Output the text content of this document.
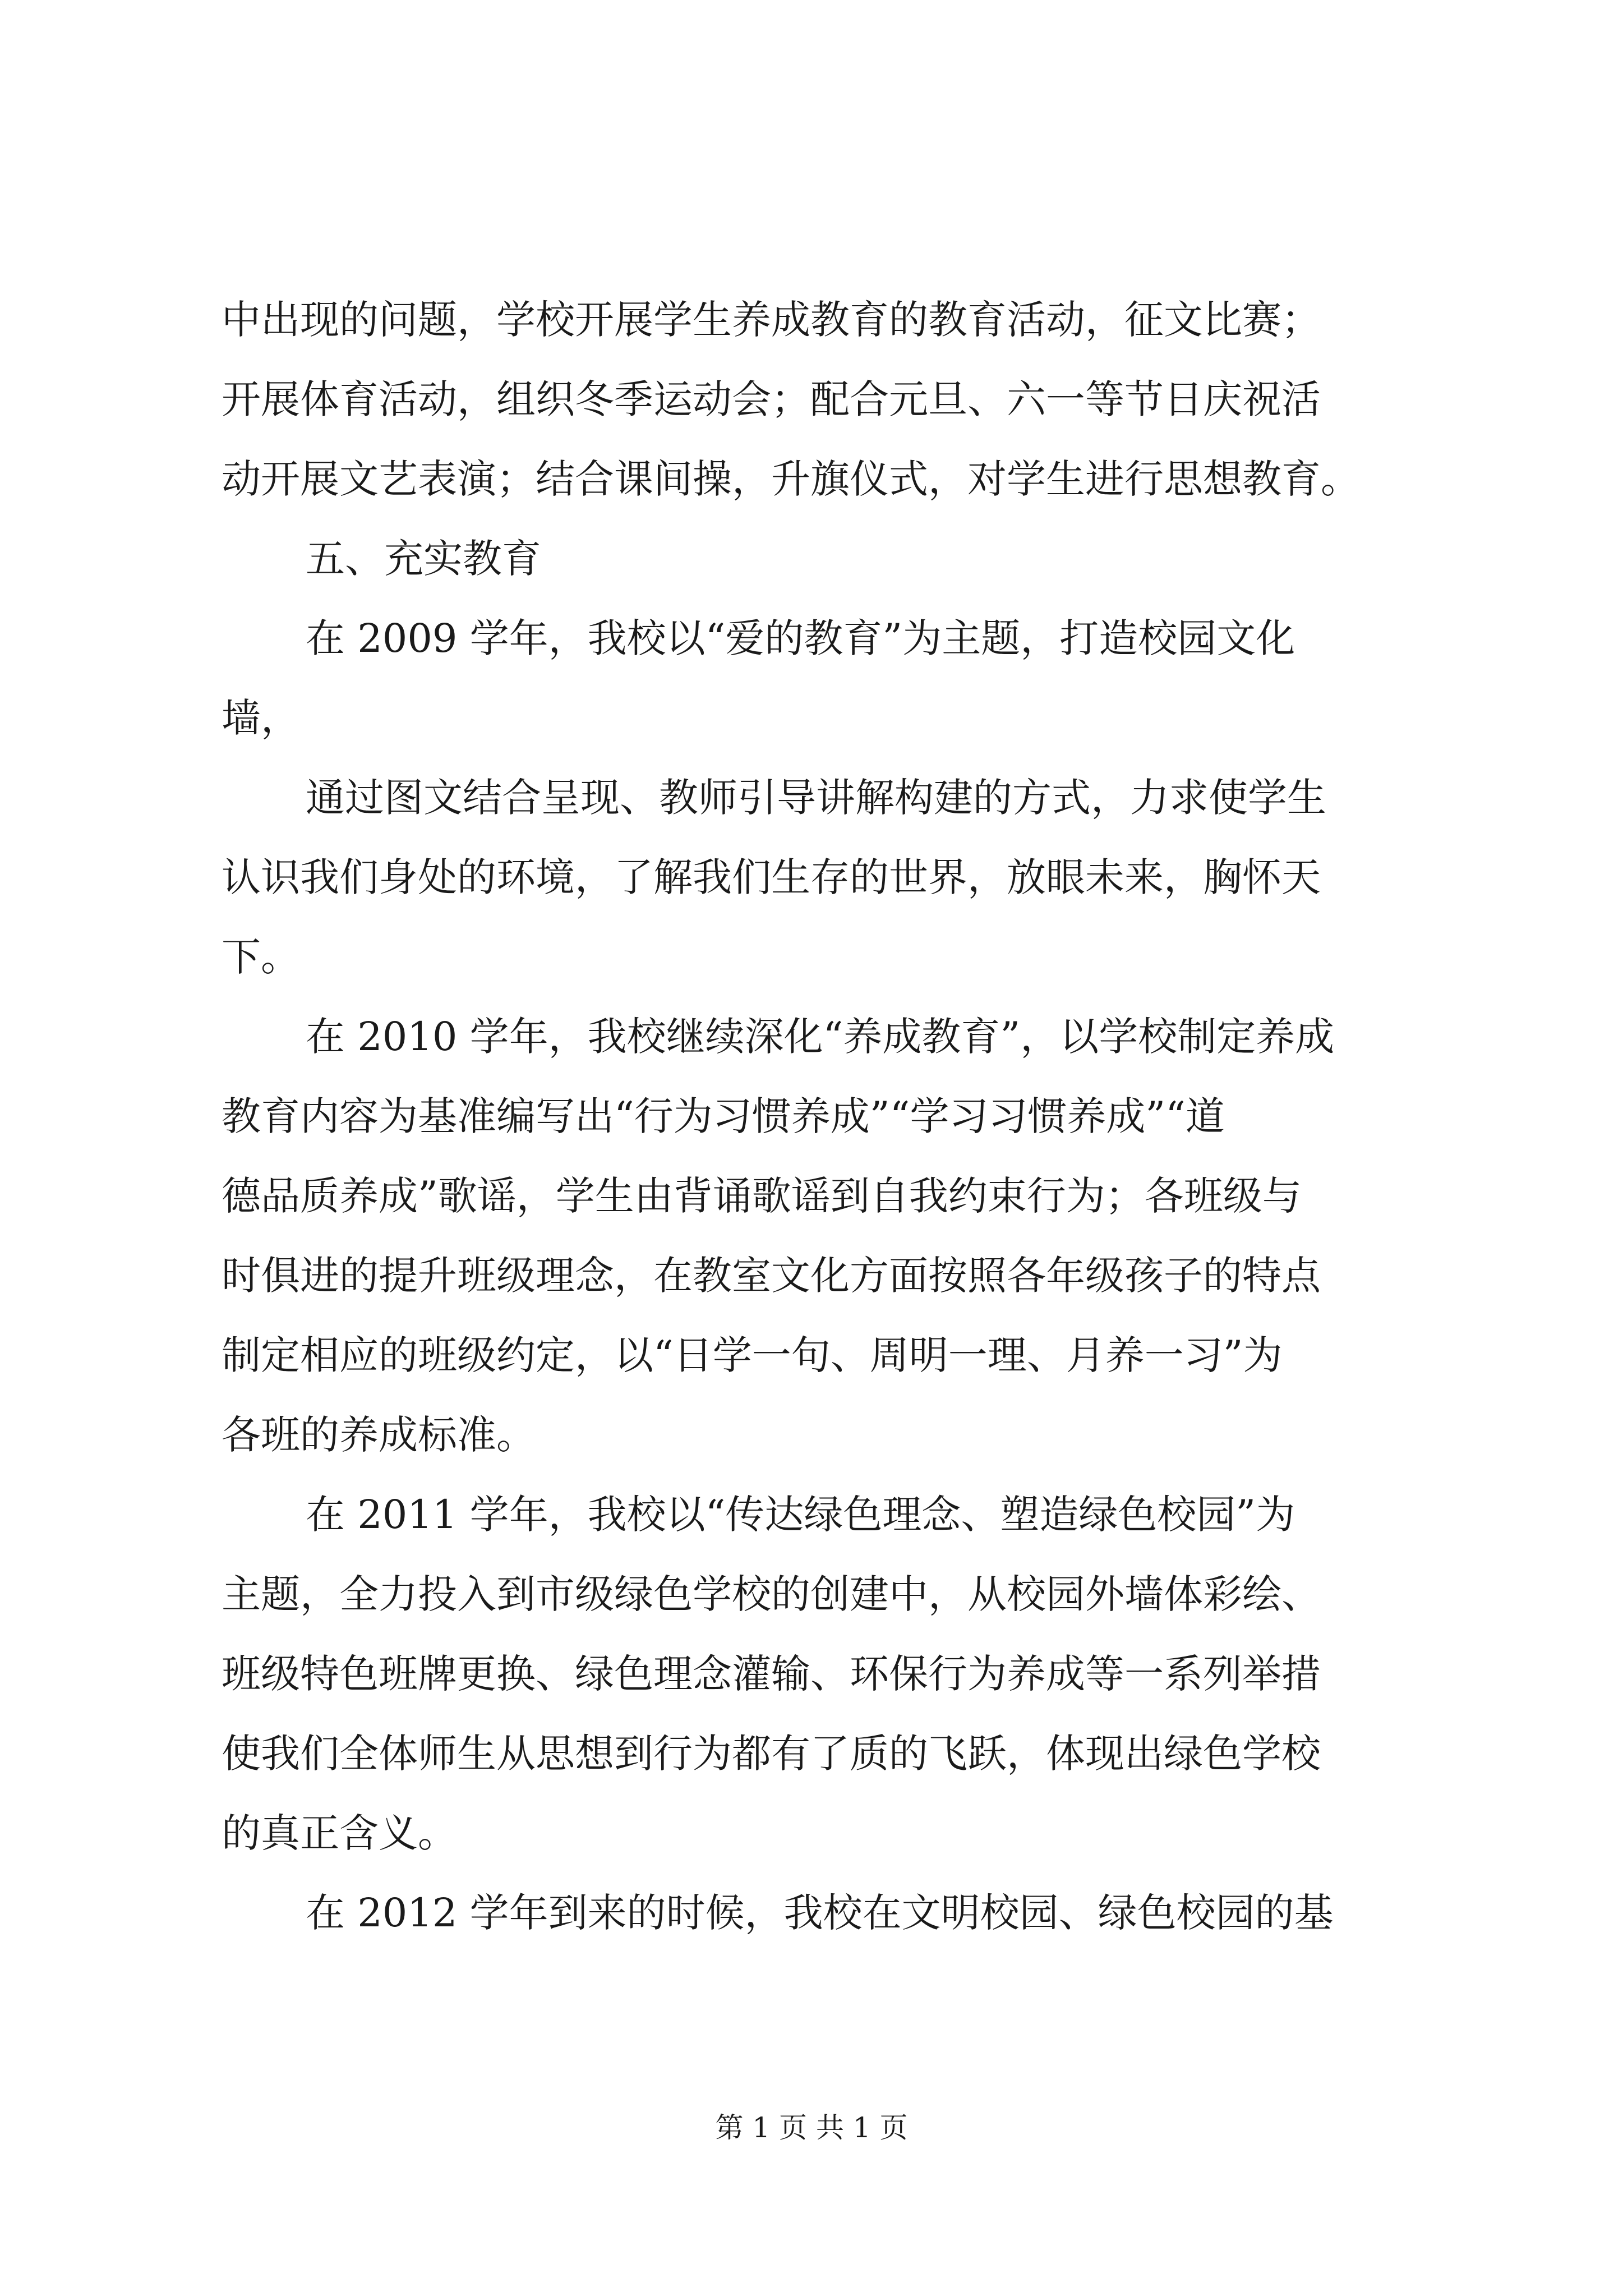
中出现的问题，学校开展学生养成教育的教育活动，征文比赛；
开展体育活动，组织冬季运动会；配合元旦、六一等节日庆祝活
动开展文艺表演；结合课间操，升旗仪式，对学生进行思想教育。
五、充实教育
在 2009 学年，我校以“爱的教育”为主题，打造校园文化
墙，
通过图文结合呈现、教师引导讲解构建的方式，力求使学生
认识我们身处的环境，了解我们生存的世界，放眼未来，胸怀天
下。
在 2010 学年，我校继续深化“养成教育”，以学校制定养成
教育内容为基准编写出“行为习惯养成”“学习习惯养成”“道
德品质养成”歌谣，学生由背诵歌谣到自我约束行为；各班级与
时俱进的提升班级理念，在教室文化方面按照各年级孩子的特点
制定相应的班级约定，以“日学一句、周明一理、月养一习”为
各班的养成标准。
在 2011 学年，我校以“传达绿色理念、塑造绿色校园”为
主题，全力投入到市级绿色学校的创建中，从校园外墙体彩绘、
班级特色班牌更换、绿色理念灌输、环保行为养成等一系列举措
使我们全体师生从思想到行为都有了质的飞跃，体现出绿色学校
的真正含义。
在 2012 学年到来的时候，我校在文明校园、绿色校园的基
第 1 页 共 1 页
